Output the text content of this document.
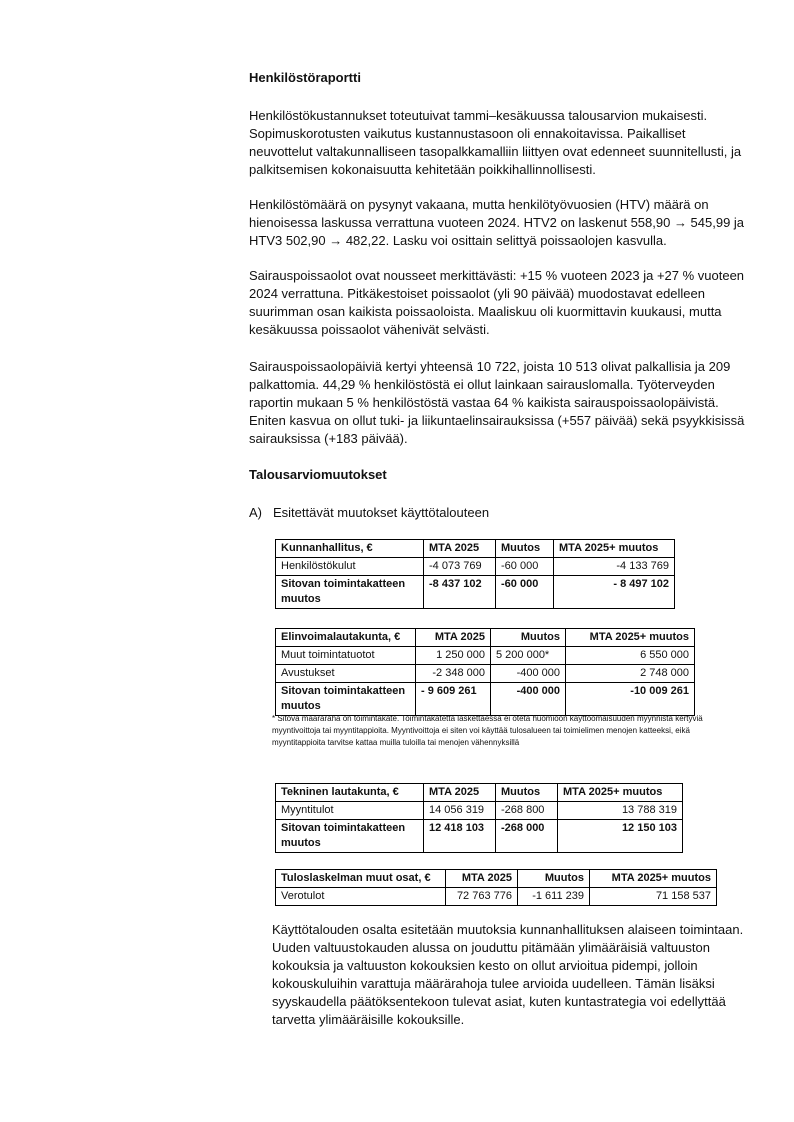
Henkilöstöraportti

Henkilöstökustannukset toteutuivat tammi–kesäkuussa talousarvion mukaisesti. Sopimuskorotusten vaikutus kustannustasoon oli ennakoitavissa. Paikalliset neuvottelut valtakunnalliseen tasopalkkamalliin liittyen ovat edenneet suunnitellusti, ja palkitsemisen kokonaisuutta kehitetään poikkihallinnollisesti.

Henkilöstömäärä on pysynyt vakaana, mutta henkilötyövuosien (HTV) määrä on hienoisessa laskussa verrattuna vuoteen 2024. HTV2 on laskenut 558,90 → 545,99 ja HTV3 502,90 → 482,22. Lasku voi osittain selittyä poissaolojen kasvulla.

Sairauspoissaolot ovat nousseet merkittävästi: +15 % vuoteen 2023 ja +27 % vuoteen 2024 verrattuna. Pitkäkestoiset poissaolot (yli 90 päivää) muodostavat edelleen suurimman osan kaikista poissaoloista. Maaliskuu oli kuormittavin kuukausi, mutta kesäkuussa poissaolot vähenivät selvästi.

Sairauspoissaolopäiviä kertyi yhteensä 10 722, joista 10 513 olivat palkallisia ja 209 palkattomia. 44,29 % henkilöstöstä ei ollut lainkaan sairauslomalla. Työterveyden raportin mukaan 5 % henkilöstöstä vastaa 64 % kaikista sairauspoissaolopäivistä. Eniten kasvua on ollut tuki- ja liikuntaelinsairauksissa (+557 päivää) sekä psyykkisissä sairauksissa (+183 päivää).

Talousarviomuutokset
A) Esitettävät muutokset käyttötalouteen
Kunnanhallitus, €	MTA 2025	Muutos	MTA 2025+ muutos
Henkilöstökulut	-4 073 769	-60 000	-4 133 769
Sitovan toimintakatteen muutos	-8 437 102	-60 000	- 8 497 102
Elinvoimalautakunta, €	MTA 2025	Muutos	MTA 2025+ muutos
Muut toimintatuotot	1 250 000	5 200 000*	6 550 000
Avustukset	-2 348 000	-400 000	2 748 000
Sitovan toimintakatteen muutos	- 9 609 261	-400 000	-10 009 261

* Sitova määräraha on toimintakate. Toimintakatetta laskettaessa ei oteta huomioon käyttöomaisuuden myynnistä kertyviä myyntivoittoja tai myyntitappioita. Myyntivoittoja ei siten voi käyttää tulosalueen tai toimielimen menojen katteeksi, eikä myyntitappioita tarvitse kattaa muilla tuloilla tai menojen vähennyksillä

Tekninen lautakunta, €	MTA 2025	Muutos	MTA 2025+ muutos
Myyntitulot	14 056 319	-268 800	13 788 319
Sitovan toimintakatteen muutos	12 418 103	-268 000	12 150 103
Tuloslaskelman muut osat, €	MTA 2025	Muutos	MTA 2025+ muutos
Verotulot	72 763 776	-1 611 239	71 158 537

Käyttötalouden osalta esitetään muutoksia kunnanhallituksen alaiseen toimintaan. Uuden valtuustokauden alussa on jouduttu pitämään ylimääräisiä valtuuston kokouksia ja valtuuston kokouksien kesto on ollut arvioitua pidempi, jolloin kokouskuluihin varattuja määrärahoja tulee arvioida uudelleen. Tämän lisäksi syyskaudella päätöksentekoon tulevat asiat, kuten kuntastrategia voi edellyttää tarvetta ylimääräisille kokouksille.
